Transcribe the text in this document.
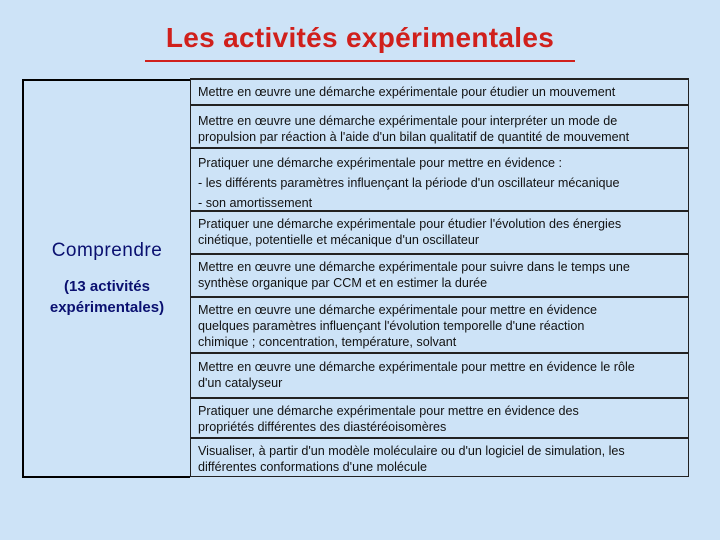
Les activités expérimentales
Comprendre
(13 activités
expérimentales)
Mettre en œuvre une démarche expérimentale pour étudier un mouvement
Mettre en œuvre une démarche expérimentale pour interpréter un mode de
propulsion par réaction à l'aide d'un bilan qualitatif de quantité de mouvement
Pratiquer une démarche expérimentale pour mettre en évidence :
- les différents paramètres influençant la période d'un oscillateur mécanique
- son amortissement
Pratiquer une démarche expérimentale pour étudier l'évolution des énergies
cinétique, potentielle et mécanique d'un oscillateur
Mettre en œuvre une démarche expérimentale pour suivre dans le temps une
synthèse organique par CCM et en estimer la durée
Mettre en œuvre une démarche expérimentale pour mettre en évidence
quelques paramètres influençant l'évolution temporelle d'une réaction
chimique ; concentration, température, solvant
Mettre en œuvre une démarche expérimentale pour mettre en évidence le rôle
d'un catalyseur
Pratiquer une démarche expérimentale pour mettre en évidence des
propriétés différentes des diastéréoisomères
Visualiser, à partir d'un modèle moléculaire ou d'un logiciel de simulation, les
différentes conformations d'une molécule
